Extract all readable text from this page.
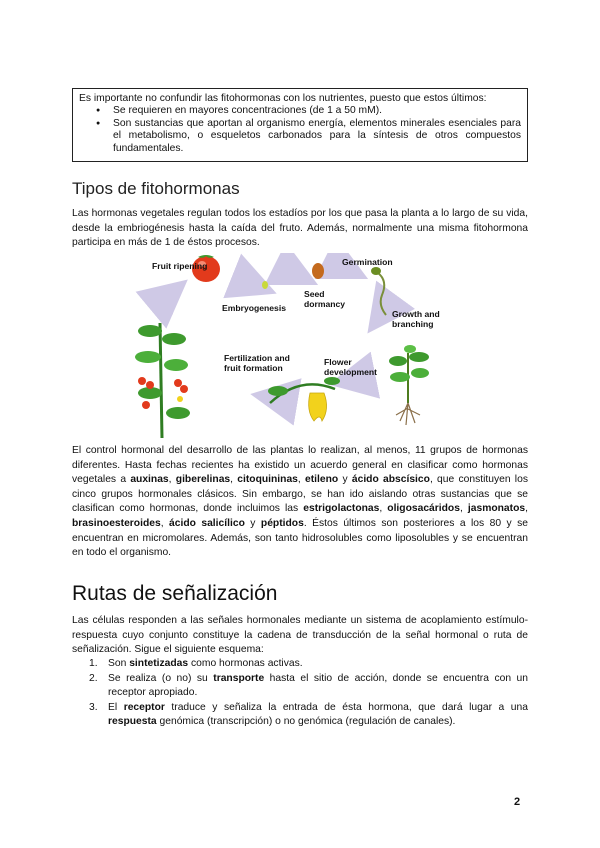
Es importante no confundir las fitohormonas con los nutrientes, puesto que estos últimos:
● Se requieren en mayores concentraciones (de 1 a 50 mM).
● Son sustancias que aportan al organismo energía, elementos minerales esenciales para el metabolismo, o esqueletos carbonados para la síntesis de otros compuestos fundamentales.
Tipos de fitohormonas

Las hormonas vegetales regulan todos los estadíos por los que pasa la planta a lo largo de su vida, desde la embriogénesis hasta la caída del fruto. Además, normalmente una misma fitohormona participa en más de 1 de éstos procesos.

Fruit ripening
Embryogenesis
Seed dormancy
Germination
Growth and branching
Flower development
Fertilization and fruit formation

El control hormonal del desarrollo de las plantas lo realizan, al menos, 11 grupos de hormonas diferentes. Hasta fechas recientes ha existido un acuerdo general en clasificar como hormonas vegetales a auxinas, giberelinas, citoquininas, etileno y ácido abscísico, que constituyen los cinco grupos hormonales clásicos. Sin embargo, se han ido aislando otras sustancias que se clasifican como hormonas, donde incluimos las estrigolactonas, oligosacáridos, jasmonatos, brasinoesteroides, ácido salicílico y péptidos. Éstos últimos son posteriores a los 80 y se encuentran en micromolares. Además, son tanto hidrosolubles como liposolubles y se encuentran en todo el organismo.

Rutas de señalización

Las células responden a las señales hormonales mediante un sistema de acoplamiento estímulo-respuesta cuyo conjunto constituye la cadena de transducción de la señal hormonal o ruta de señalización. Sigue el siguiente esquema:

1. Son sintetizadas como hormonas activas.
2. Se realiza (o no) su transporte hasta el sitio de acción, donde se encuentra con un receptor apropiado.
3. El receptor traduce y señaliza la entrada de ésta hormona, que dará lugar a una respuesta genómica (transcripción) o no genómica (regulación de canales).
2
